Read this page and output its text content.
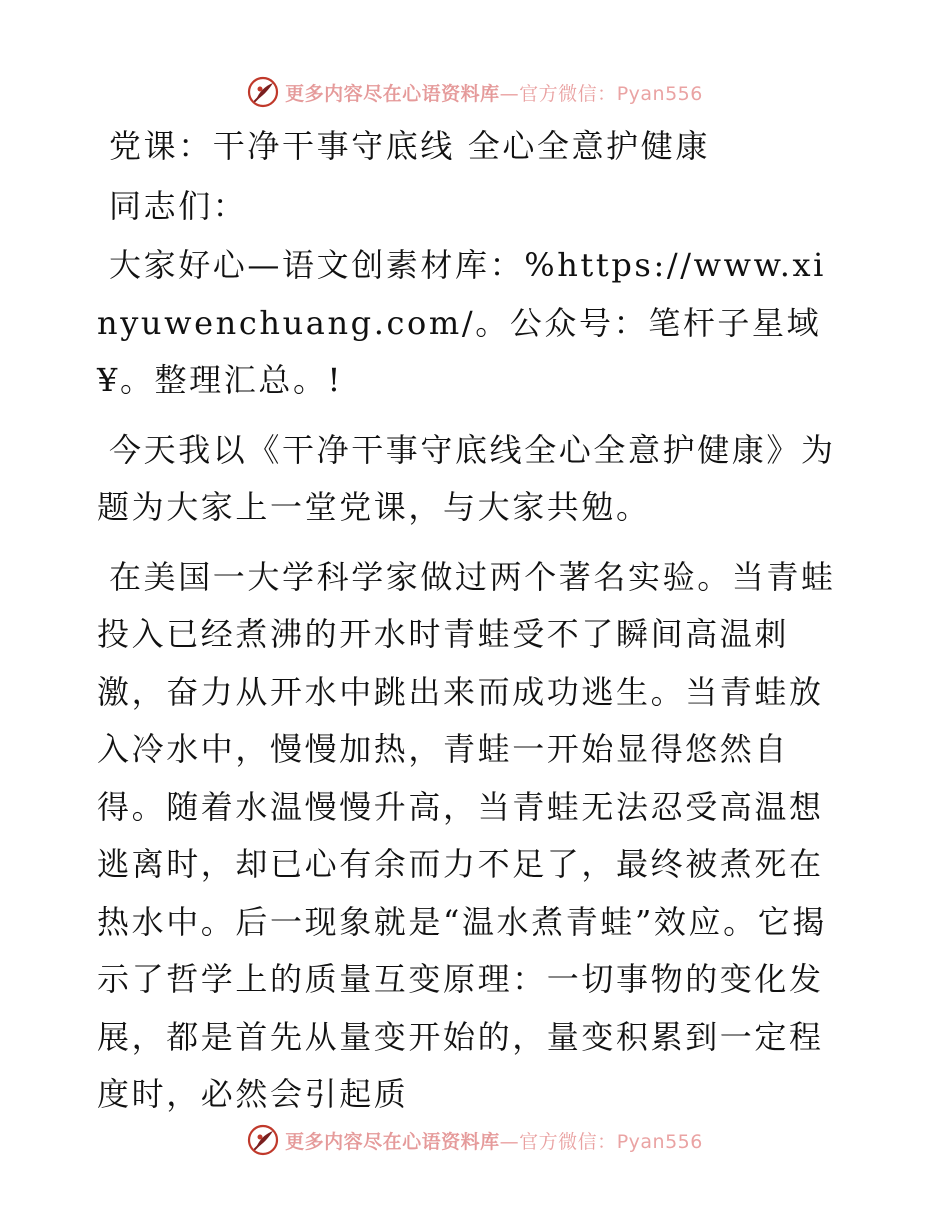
更多内容尽在心语资料库—官方微信：Pyan556

党课：干净干事守底线 全心全意护健康

同志们：

大家好心—语文创素材库：%https://www.xinyuwenchuang.com/。公众号：笔杆子星域¥。整理汇总。!

今天我以《干净干事守底线全心全意护健康》为题为大家上一堂党课，与大家共勉。

在美国一大学科学家做过两个著名实验。当青蛙投入已经煮沸的开水时青蛙受不了瞬间高温刺激，奋力从开水中跳出来而成功逃生。当青蛙放入冷水中，慢慢加热，青蛙一开始显得悠然自得。随着水温慢慢升高，当青蛙无法忍受高温想逃离时，却已心有余而力不足了，最终被煮死在热水中。后一现象就是“温水煮青蛙”效应。它揭示了哲学上的质量互变原理：一切事物的变化发展，都是首先从量变开始的，量变积累到一定程度时，必然会引起质

更多内容尽在心语资料库—官方微信：Pyan556
